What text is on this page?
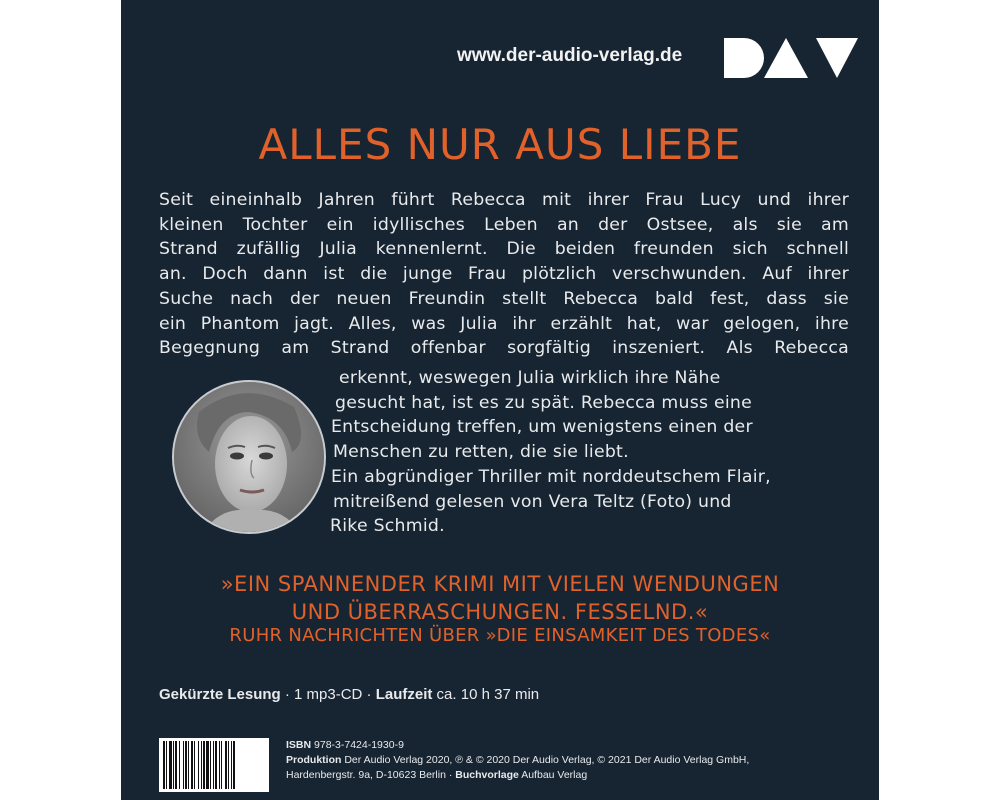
www.der-audio-verlag.de
ALLES NUR AUS LIEBE
Seit eineinhalb Jahren führt Rebecca mit ihrer Frau Lucy und ihrer
kleinen Tochter ein idyllisches Leben an der Ostsee, als sie am
Strand zufällig Julia kennenlernt. Die beiden freunden sich schnell
an. Doch dann ist die junge Frau plötzlich verschwunden. Auf ihrer
Suche nach der neuen Freundin stellt Rebecca bald fest, dass sie
ein Phantom jagt. Alles, was Julia ihr erzählt hat, war gelogen, ihre
Begegnung am Strand offenbar sorgfältig inszeniert. Als Rebecca
erkennt, weswegen Julia wirklich ihre Nähe
gesucht hat, ist es zu spät. Rebecca muss eine
Entscheidung treffen, um wenigstens einen der
Menschen zu retten, die sie liebt.
Ein abgründiger Thriller mit norddeutschem Flair,
mitreißend gelesen von Vera Teltz (Foto) und
Rike Schmid.
»EIN SPANNENDER KRIMI MIT VIELEN WENDUNGEN
UND ÜBERRASCHUNGEN. FESSELND.«
RUHR NACHRICHTEN ÜBER »DIE EINSAMKEIT DES TODES«
Gekürzte Lesung · 1 mp3-CD · Laufzeit ca. 10 h 37 min
ISBN 978-3-7424-1930-9
Produktion Der Audio Verlag 2020, ℗ & © 2020 Der Audio Verlag, © 2021 Der Audio Verlag GmbH,
Hardenbergstr. 9a, D-10623 Berlin · Buchvorlage Aufbau Verlag
